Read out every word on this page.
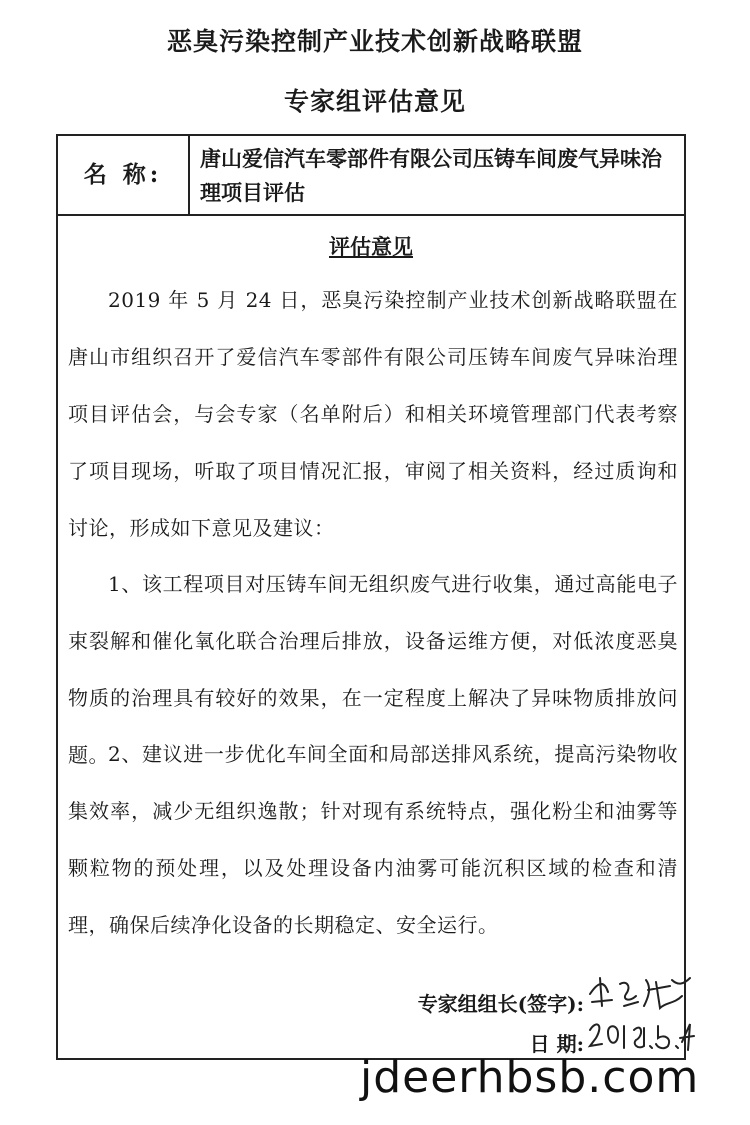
恶臭污染控制产业技术创新战略联盟
专家组评估意见
名 称:
唐山爱信汽车零部件有限公司压铸车间废气异味治理项目评估
评估意见
2019 年 5 月 24 日，恶臭污染控制产业技术创新战略联盟在唐山市组织召开了爱信汽车零部件有限公司压铸车间废气异味治理项目评估会，与会专家（名单附后）和相关环境管理部门代表考察了项目现场，听取了项目情况汇报，审阅了相关资料，经过质询和讨论，形成如下意见及建议：
1、该工程项目对压铸车间无组织废气进行收集，通过高能电子束裂解和催化氧化联合治理后排放，设备运维方便，对低浓度恶臭物质的治理具有较好的效果，在一定程度上解决了异味物质排放问题。 2、建议进一步优化车间全面和局部送排风系统，提高污染物收集效率，减少无组织逸散；针对现有系统特点，强化粉尘和油雾等颗粒物的预处理，以及处理设备内油雾可能沉积区域的检查和清理，确保后续净化设备的长期稳定、安全运行。
专家组组长(签字):
日 期:
jdeerhbsb.com
